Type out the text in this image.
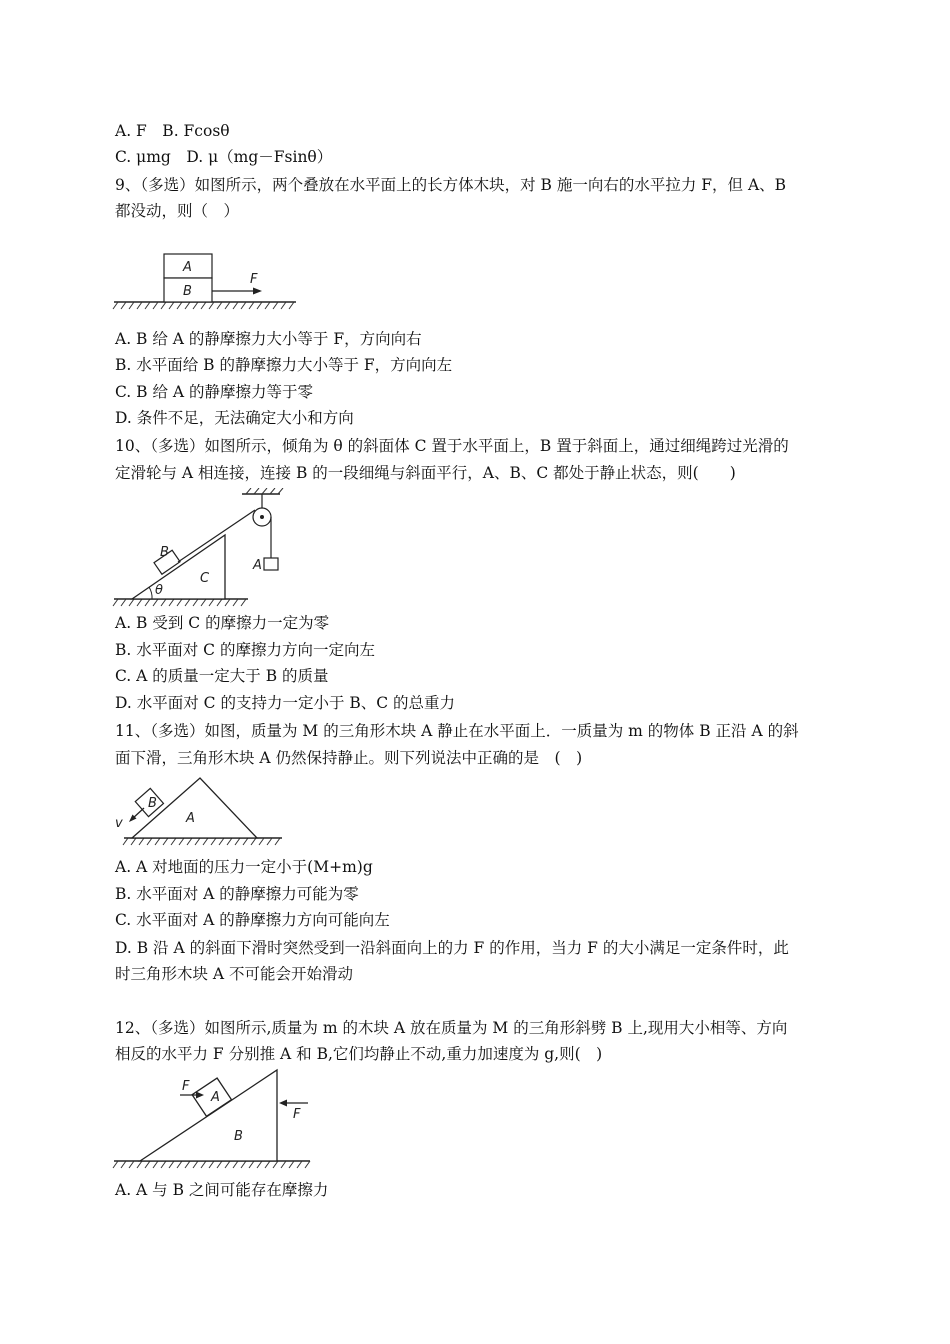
A. F　B. Fcosθ
C. μmg　D. μ（mg－Fsinθ）
9、（多选）如图所示，两个叠放在水平面上的长方体木块，对 B 施一向右的水平拉力 F，但 A、B
都没动，则（　）
A
B
F
A. B 给 A 的静摩擦力大小等于 F，方向向右
B. 水平面给 B 的静摩擦力大小等于 F，方向向左
C. B 给 A 的静摩擦力等于零
D. 条件不足，无法确定大小和方向
10、（多选）如图所示，倾角为 θ 的斜面体 C 置于水平面上，B 置于斜面上，通过细绳跨过光滑的
定滑轮与 A 相连接，连接 B 的一段细绳与斜面平行，A、B、C 都处于静止状态，则(　　)
C
θ
B
A
A. B 受到 C 的摩擦力一定为零
B. 水平面对 C 的摩擦力方向一定向左
C. A 的质量一定大于 B 的质量
D. 水平面对 C 的支持力一定小于 B、C 的总重力
11、（多选）如图，质量为 M 的三角形木块 A 静止在水平面上．一质量为 m 的物体 B 正沿 A 的斜
面下滑，三角形木块 A 仍然保持静止。则下列说法中正确的是　(　)
A
B
v
A. A 对地面的压力一定小于(M+m)g
B. 水平面对 A 的静摩擦力可能为零
C. 水平面对 A 的静摩擦力方向可能向左
D. B 沿 A 的斜面下滑时突然受到一沿斜面向上的力 F 的作用，当力 F 的大小满足一定条件时，此
时三角形木块 A 不可能会开始滑动
12、（多选）如图所示,质量为 m 的木块 A 放在质量为 M 的三角形斜劈 B 上,现用大小相等、方向
相反的水平力 F 分别推 A 和 B,它们均静止不动,重力加速度为 g,则(　)
B
A
F
F
A. A 与 B 之间可能存在摩擦力
